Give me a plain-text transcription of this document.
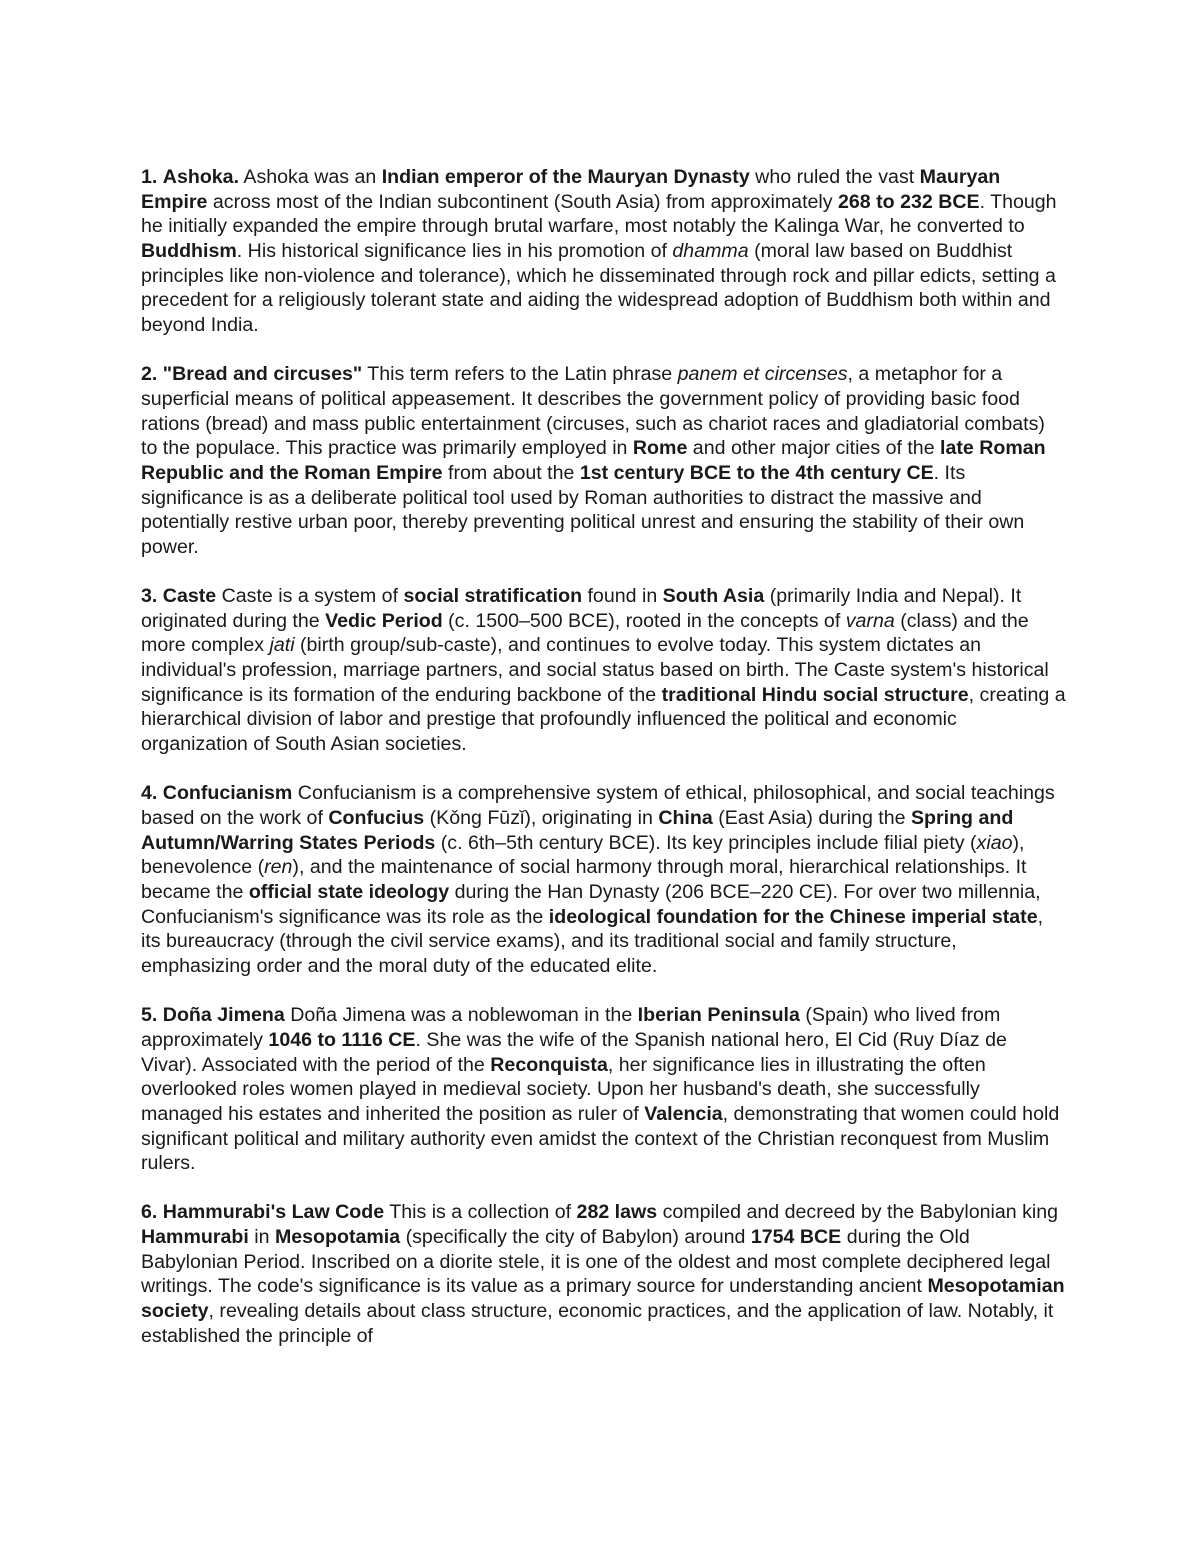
1. Ashoka. Ashoka was an Indian emperor of the Mauryan Dynasty who ruled the vast Mauryan Empire across most of the Indian subcontinent (South Asia) from approximately 268 to 232 BCE. Though he initially expanded the empire through brutal warfare, most notably the Kalinga War, he converted to Buddhism. His historical significance lies in his promotion of dhamma (moral law based on Buddhist principles like non-violence and tolerance), which he disseminated through rock and pillar edicts, setting a precedent for a religiously tolerant state and aiding the widespread adoption of Buddhism both within and beyond India.

2. "Bread and circuses" This term refers to the Latin phrase panem et circenses, a metaphor for a superficial means of political appeasement. It describes the government policy of providing basic food rations (bread) and mass public entertainment (circuses, such as chariot races and gladiatorial combats) to the populace. This practice was primarily employed in Rome and other major cities of the late Roman Republic and the Roman Empire from about the 1st century BCE to the 4th century CE. Its significance is as a deliberate political tool used by Roman authorities to distract the massive and potentially restive urban poor, thereby preventing political unrest and ensuring the stability of their own power.

3. Caste Caste is a system of social stratification found in South Asia (primarily India and Nepal). It originated during the Vedic Period (c. 1500–500 BCE), rooted in the concepts of varna (class) and the more complex jati (birth group/sub-caste), and continues to evolve today. This system dictates an individual's profession, marriage partners, and social status based on birth. The Caste system's historical significance is its formation of the enduring backbone of the traditional Hindu social structure, creating a hierarchical division of labor and prestige that profoundly influenced the political and economic organization of South Asian societies.

4. Confucianism Confucianism is a comprehensive system of ethical, philosophical, and social teachings based on the work of Confucius (Kǒng Fūzǐ), originating in China (East Asia) during the Spring and Autumn/Warring States Periods (c. 6th–5th century BCE). Its key principles include filial piety (xiao), benevolence (ren), and the maintenance of social harmony through moral, hierarchical relationships. It became the official state ideology during the Han Dynasty (206 BCE–220 CE). For over two millennia, Confucianism's significance was its role as the ideological foundation for the Chinese imperial state, its bureaucracy (through the civil service exams), and its traditional social and family structure, emphasizing order and the moral duty of the educated elite.

5. Doña Jimena Doña Jimena was a noblewoman in the Iberian Peninsula (Spain) who lived from approximately 1046 to 1116 CE. She was the wife of the Spanish national hero, El Cid (Ruy Díaz de Vivar). Associated with the period of the Reconquista, her significance lies in illustrating the often overlooked roles women played in medieval society. Upon her husband's death, she successfully managed his estates and inherited the position as ruler of Valencia, demonstrating that women could hold significant political and military authority even amidst the context of the Christian reconquest from Muslim rulers.

6. Hammurabi's Law Code This is a collection of 282 laws compiled and decreed by the Babylonian king Hammurabi in Mesopotamia (specifically the city of Babylon) around 1754 BCE during the Old Babylonian Period. Inscribed on a diorite stele, it is one of the oldest and most complete deciphered legal writings. The code's significance is its value as a primary source for understanding ancient Mesopotamian society, revealing details about class structure, economic practices, and the application of law. Notably, it established the principle of
